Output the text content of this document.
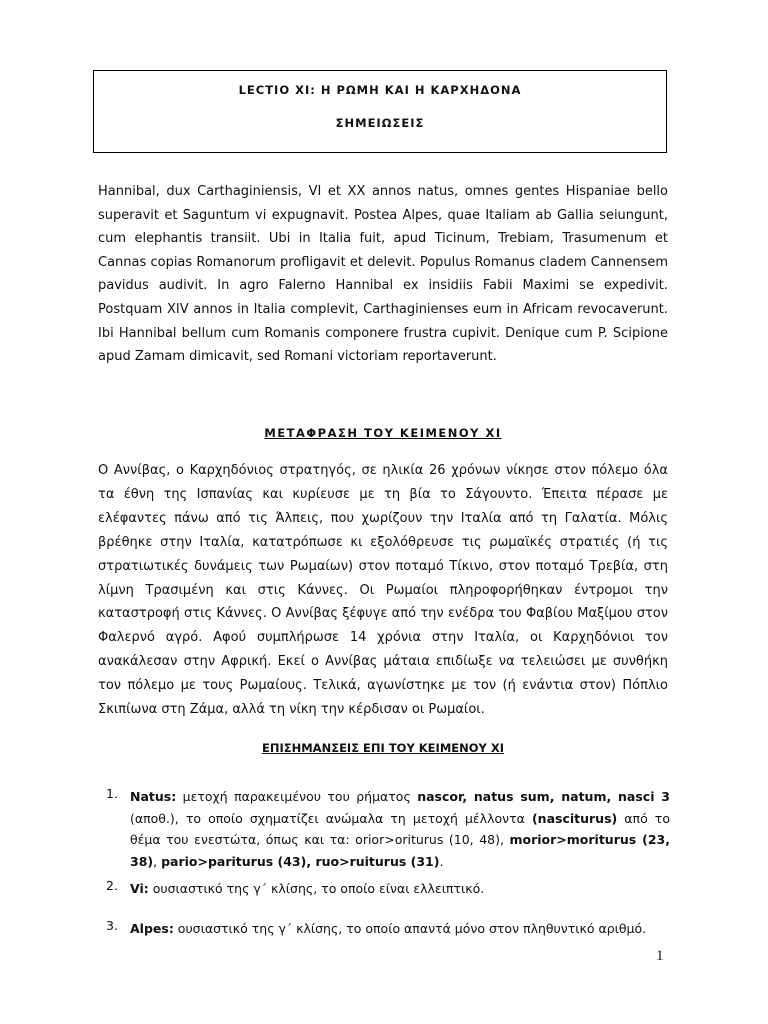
LECTIO XI: Η ΡΩΜΗ ΚΑΙ Η ΚΑΡΧΗΔΟΝΑ
ΣΗΜΕΙΩΣΕΙΣ
Hannibal, dux Carthaginiensis, VI et XX annos natus, omnes gentes Hispaniae bello superavit et Saguntum vi expugnavit. Postea Alpes, quae Italiam ab Gallia seiungunt, cum elephantis transiit. Ubi in Italia fuit, apud Ticinum, Trebiam, Trasumenum et Cannas copias Romanorum profligavit et delevit. Populus Romanus cladem Cannensem pavidus audivit. In agro Falerno Hannibal ex insidiis Fabii Maximi se expedivit. Postquam XIV annos in Italia complevit, Carthaginienses eum in Africam revocaverunt. Ibi Hannibal bellum cum Romanis componere frustra cupivit. Denique cum P. Scipione apud Zamam dimicavit, sed Romani victoriam reportaverunt.
ΜΕΤΑΦΡΑΣΗ ΤΟΥ ΚΕΙΜΕΝΟΥ XI
Ο Αννίβας, ο Καρχηδόνιος στρατηγός, σε ηλικία 26 χρόνων νίκησε στον πόλεμο όλα τα έθνη της Ισπανίας και κυρίευσε με τη βία το Σάγουντο. Έπειτα πέρασε με ελέφαντες πάνω από τις Άλπεις, που χωρίζουν την Ιταλία από τη Γαλατία. Μόλις βρέθηκε στην Ιταλία, κατατρόπωσε κι εξολόθρευσε τις ρωμαϊκές στρατιές (ή τις στρατιωτικές δυνάμεις των Ρωμαίων) στον ποταμό Τίκινο, στον ποταμό Τρεβία, στη λίμνη Τρασιμένη και στις Κάννες. Οι Ρωμαίοι πληροφορήθηκαν έντρομοι την καταστροφή στις Κάννες. Ο Αννίβας ξέφυγε από την ενέδρα του Φαβίου Μαξίμου στον Φαλερνό αγρό. Αφού συμπλήρωσε 14 χρόνια στην Ιταλία, οι Καρχηδόνιοι τον ανακάλεσαν στην Αφρική. Εκεί ο Αννίβας μάταια επιδίωξε να τελειώσει με συνθήκη τον πόλεμο με τους Ρωμαίους. Τελικά, αγωνίστηκε με τον (ή ενάντια στον) Πόπλιο Σκιπίωνα στη Ζάμα, αλλά τη νίκη την κέρδισαν οι Ρωμαίοι.
ΕΠΙΣΗΜΑΝΣΕΙΣ ΕΠΙ ΤΟΥ ΚΕΙΜΕΝΟΥ XI
1. Natus: μετοχή παρακειμένου του ρήματος nascor, natus sum, natum, nasci 3 (αποθ.), το οποίο σχηματίζει ανώμαλα τη μετοχή μέλλοντα (nasciturus) από το θέμα του ενεστώτα, όπως και τα: orior>oriturus (10, 48), morior>moriturus (23, 38), pario>pariturus (43), ruo>ruiturus (31).
2. Vi: ουσιαστικό της γ΄ κλίσης, το οποίο είναι ελλειπτικό.
3. Alpes: ουσιαστικό της γ΄ κλίσης, το οποίο απαντά μόνο στον πληθυντικό αριθμό.
1
